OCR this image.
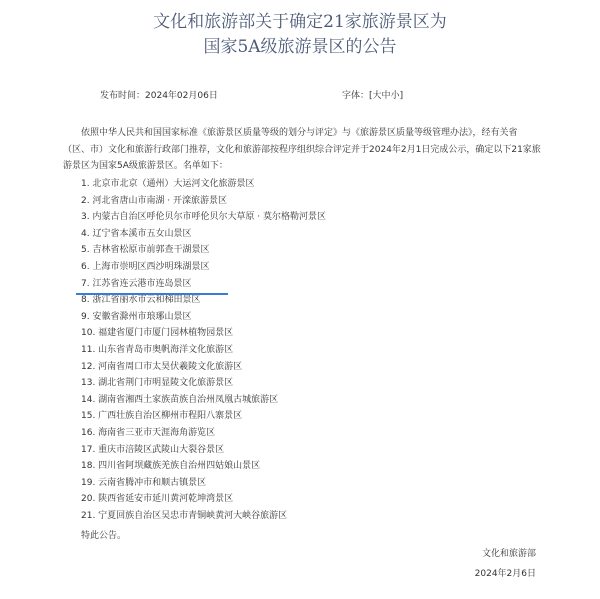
文化和旅游部关于确定21家旅游景区为
国家5A级旅游景区的公告
发布时间：2024年02月06日	字体：[大中小]
依照中华人民共和国国家标准《旅游景区质量等级的划分与评定》与《旅游景区质量等级管理办法》，经有关省（区、市）文化和旅游行政部门推荐，文化和旅游部按程序组织综合评定并于2024年2月1日完成公示，确定以下21家旅游景区为国家5A级旅游景区。名单如下：
1. 北京市北京（通州）大运河文化旅游景区
2. 河北省唐山市南湖 · 开滦旅游景区
3. 内蒙古自治区呼伦贝尔市呼伦贝尔大草原 · 莫尔格勒河景区
4. 辽宁省本溪市五女山景区
5. 吉林省松原市前郭查干湖景区
6. 上海市崇明区西沙明珠湖景区
7. 江苏省连云港市连岛景区
8. 浙江省丽水市云和梯田景区
9. 安徽省滁州市琅琊山景区
10. 福建省厦门市厦门园林植物园景区
11. 山东省青岛市奥帆海洋文化旅游区
12. 河南省周口市太昊伏羲陵文化旅游区
13. 湖北省荆门市明显陵文化旅游景区
14. 湖南省湘西土家族苗族自治州凤凰古城旅游区
15. 广西壮族自治区柳州市程阳八寨景区
16. 海南省三亚市天涯海角游览区
17. 重庆市涪陵区武陵山大裂谷景区
18. 四川省阿坝藏族羌族自治州四姑娘山景区
19. 云南省腾冲市和顺古镇景区
20. 陕西省延安市延川黄河乾坤湾景区
21. 宁夏回族自治区吴忠市青铜峡黄河大峡谷旅游区
特此公告。
文化和旅游部
2024年2月6日
